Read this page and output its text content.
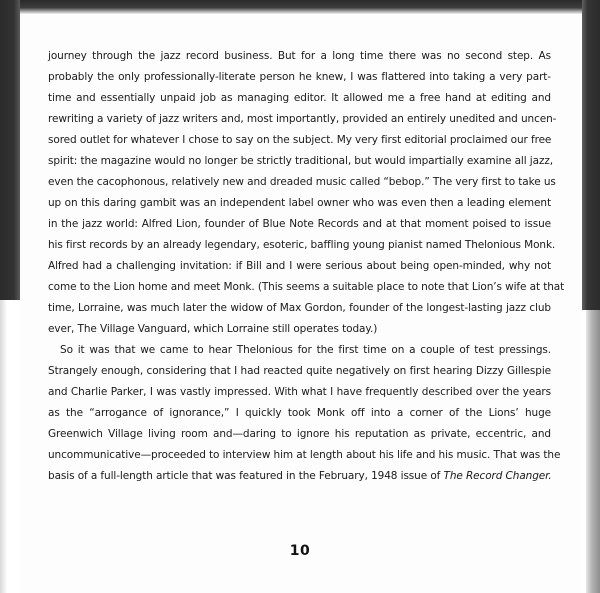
journey through the jazz record business. But for a long time there was no second step. As
probably the only professionally-literate person he knew, I was flattered into taking a very part-
time and essentially unpaid job as managing editor. It allowed me a free hand at editing and
rewriting a variety of jazz writers and, most importantly, provided an entirely unedited and uncen-
sored outlet for whatever I chose to say on the subject. My very first editorial proclaimed our free
spirit: the magazine would no longer be strictly traditional, but would impartially examine all jazz,
even the cacophonous, relatively new and dreaded music called “bebop.” The very first to take us
up on this daring gambit was an independent label owner who was even then a leading element
in the jazz world: Alfred Lion, founder of Blue Note Records and at that moment poised to issue
his first records by an already legendary, esoteric, baffling young pianist named Thelonious Monk.
Alfred had a challenging invitation: if Bill and I were serious about being open-minded, why not
come to the Lion home and meet Monk. (This seems a suitable place to note that Lion’s wife at that
time, Lorraine, was much later the widow of Max Gordon, founder of the longest-lasting jazz club
ever, The Village Vanguard, which Lorraine still operates today.)
So it was that we came to hear Thelonious for the first time on a couple of test pressings.
Strangely enough, considering that I had reacted quite negatively on first hearing Dizzy Gillespie
and Charlie Parker, I was vastly impressed. With what I have frequently described over the years
as the “arrogance of ignorance,” I quickly took Monk off into a corner of the Lions’ huge
Greenwich Village living room and—daring to ignore his reputation as private, eccentric, and
uncommunicative—proceeded to interview him at length about his life and his music. That was the
basis of a full-length article that was featured in the February, 1948 issue of The Record Changer.
10
